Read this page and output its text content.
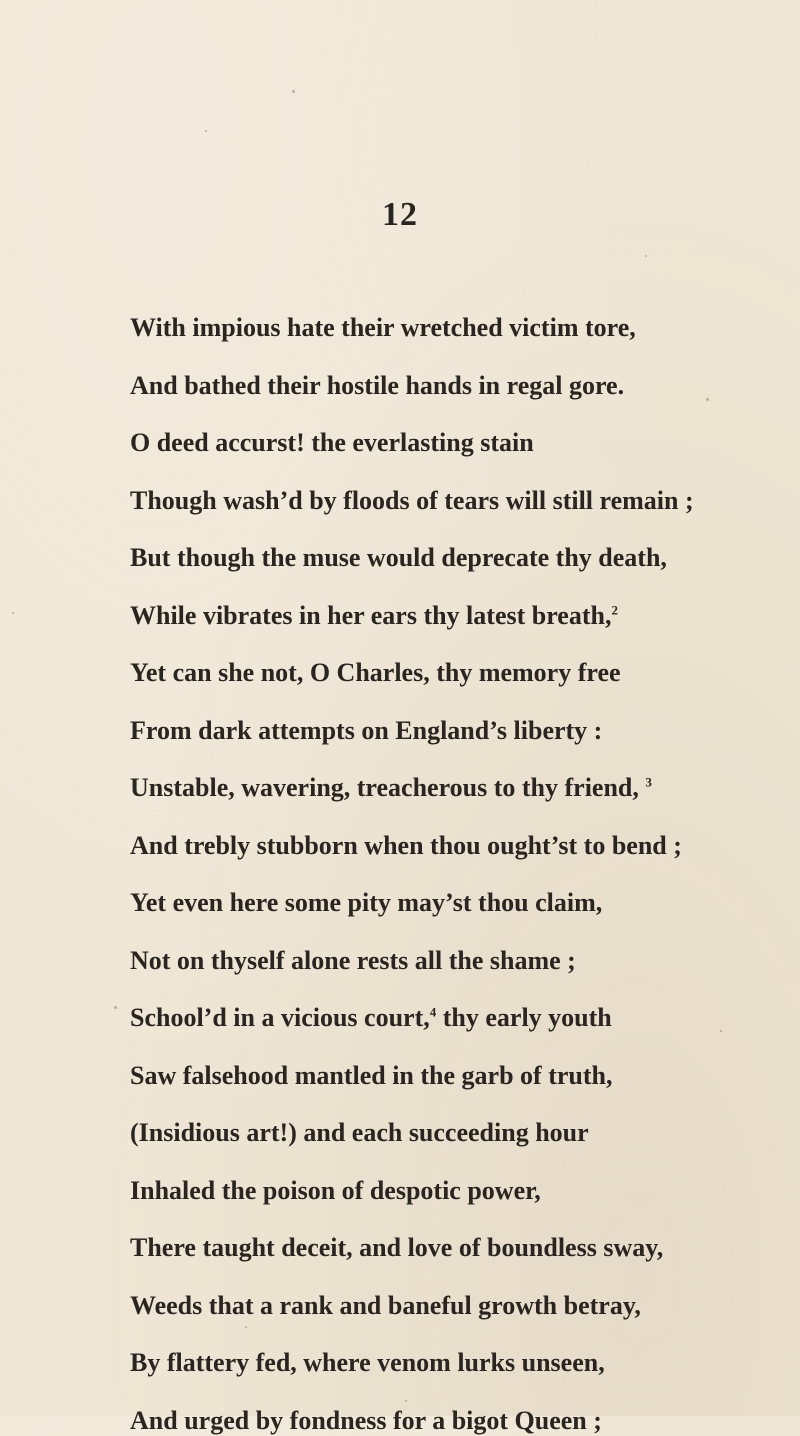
12
With impious hate their wretched victim tore,
And bathed their hostile hands in regal gore.
O deed accurst! the everlasting stain
Though wash’d by floods of tears will still remain ;
But though the muse would deprecate thy death,
While vibrates in her ears thy latest breath,$^2$
Yet can she not, O Charles, thy memory free
From dark attempts on England’s liberty :
Unstable, wavering, treacherous to thy friend, $^3$
And trebly stubborn when thou ought’st to bend ;
Yet even here some pity may’st thou claim,
Not on thyself alone rests all the shame ;
School’d in a vicious court,$^4$ thy early youth
Saw falsehood mantled in the garb of truth,
(Insidious art!) and each succeeding hour
Inhaled the poison of despotic power,
There taught deceit, and love of boundless sway,
Weeds that a rank and baneful growth betray,
By flattery fed, where venom lurks unseen,
And urged by fondness for a bigot Queen ;
